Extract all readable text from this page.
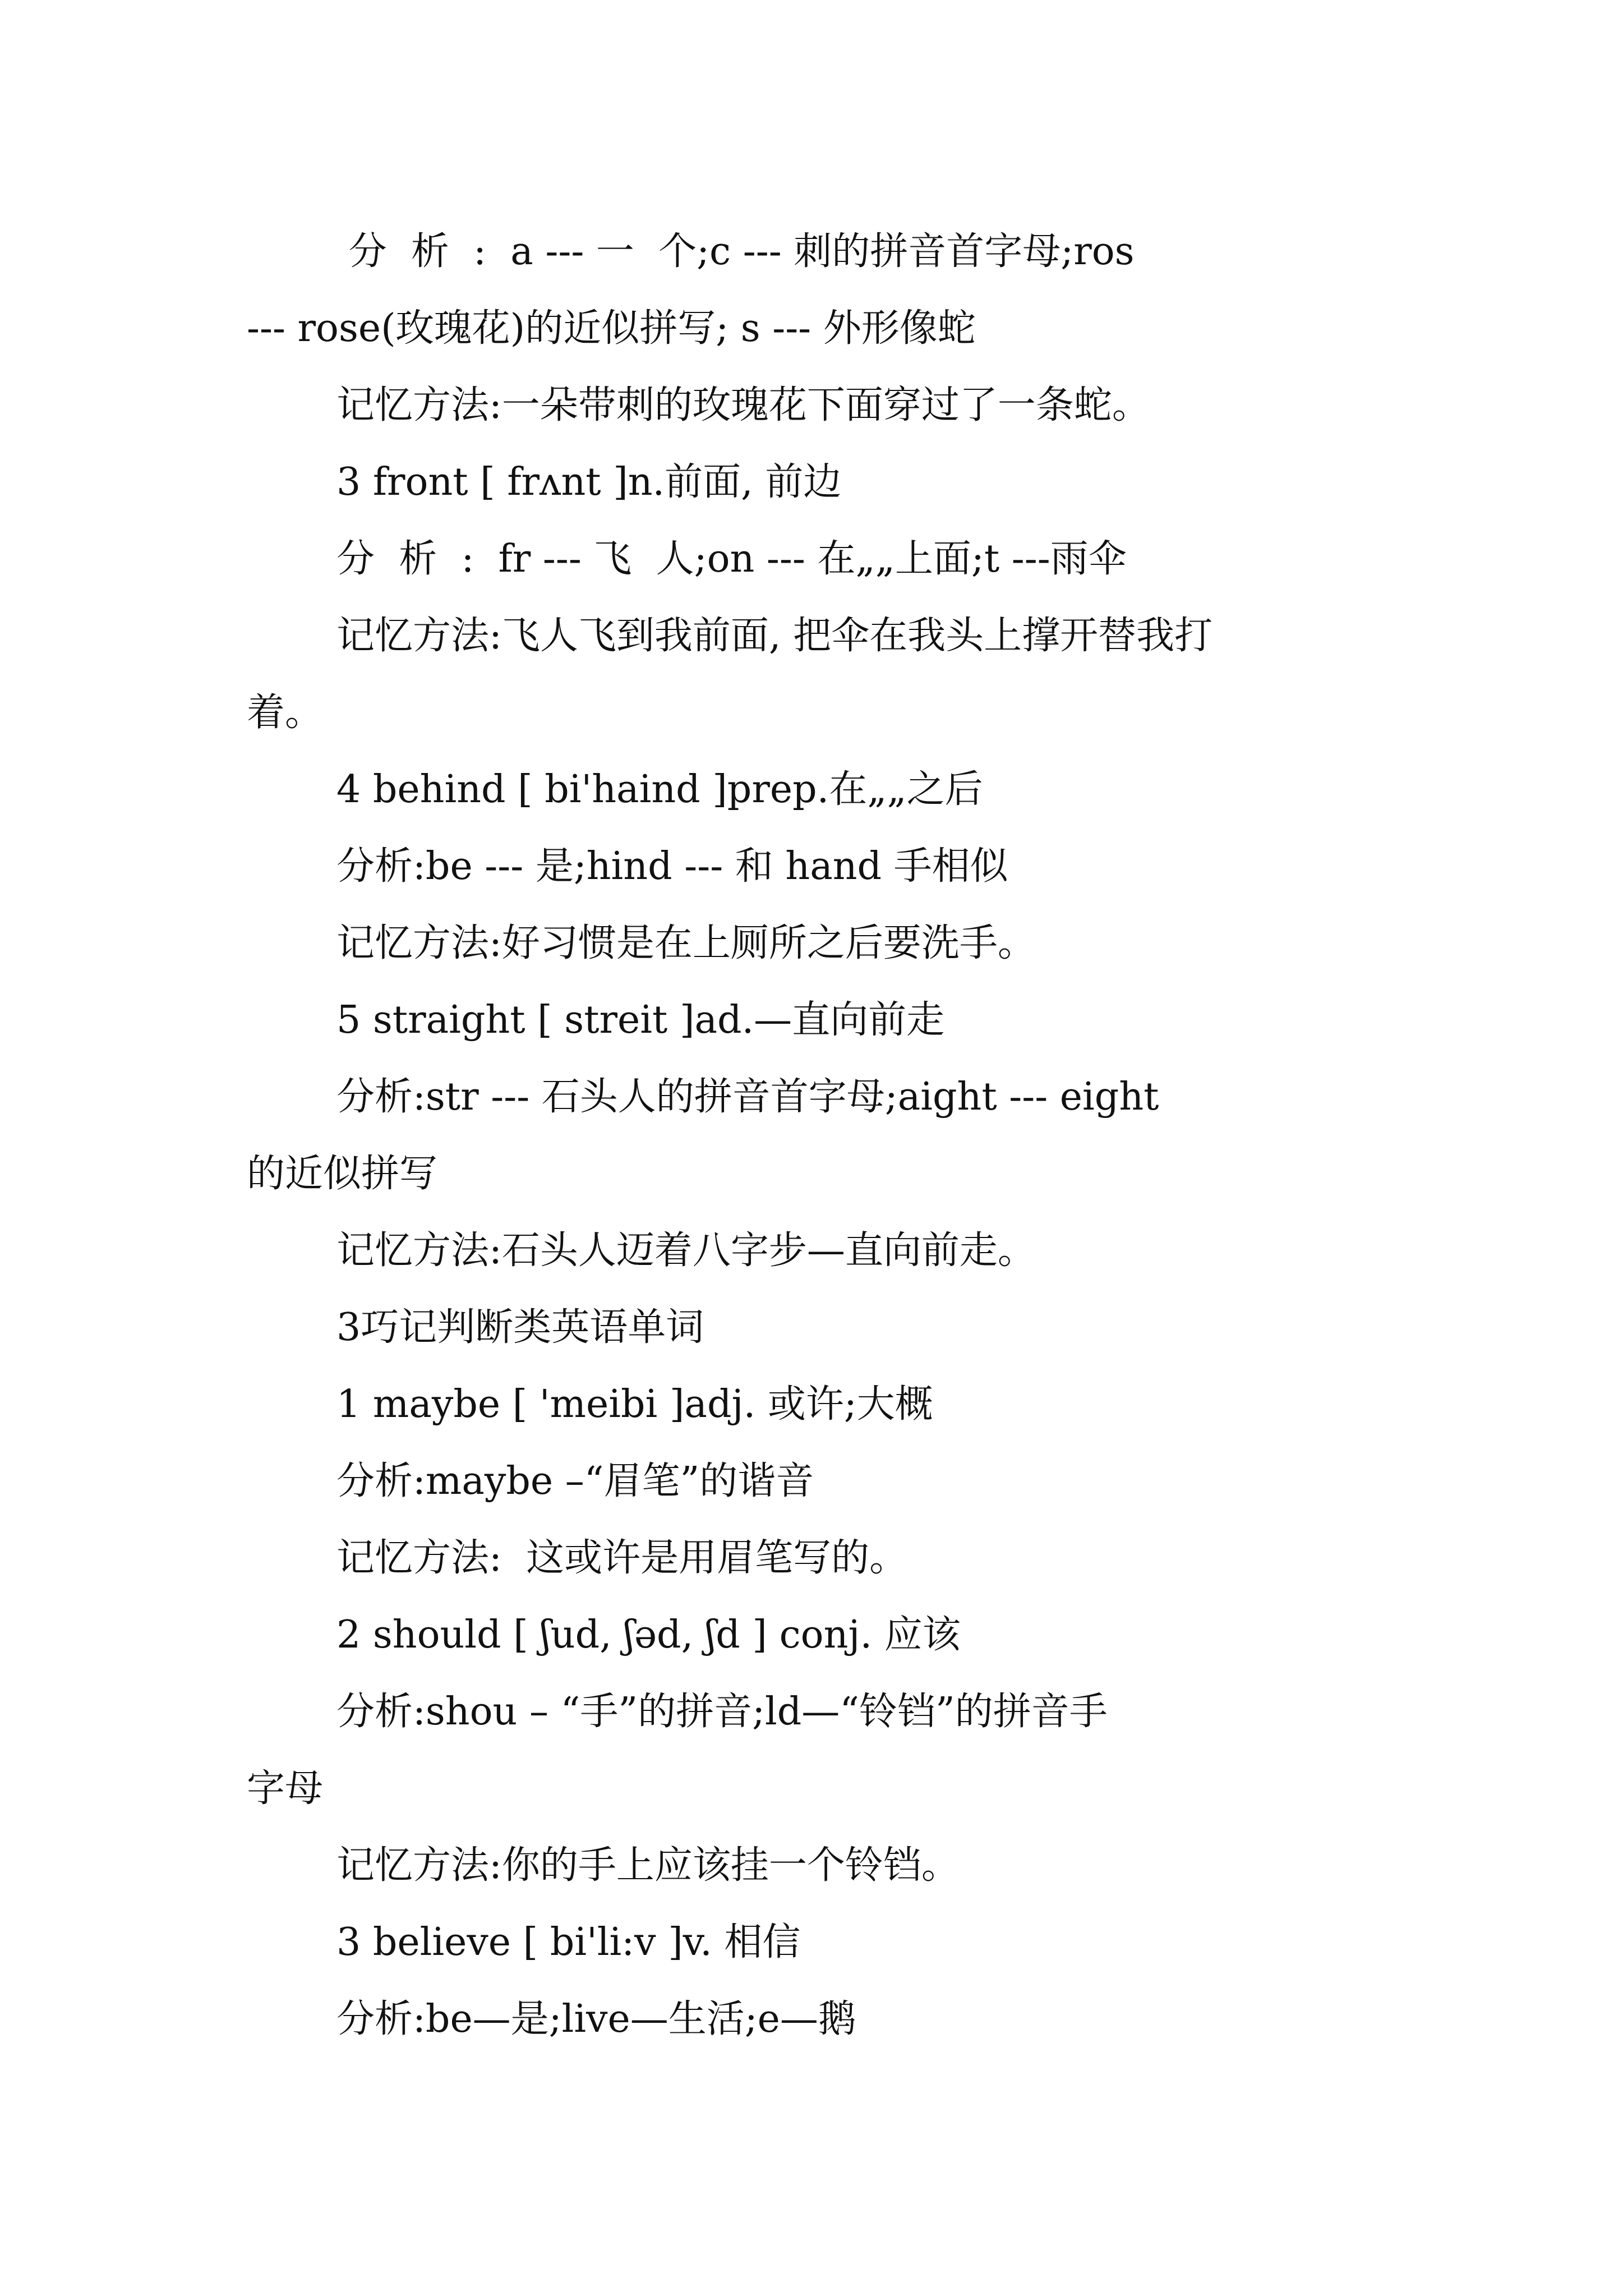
分  析  :  a --- 一  个;c --- 刺的拼音首字母;ros

--- rose(玫瑰花)的近似拼写; s --- 外形像蛇

记忆方法:一朵带刺的玫瑰花下面穿过了一条蛇。

3 front [ frʌnt ]n.前面, 前边

分  析  :  fr --- 飞  人;on --- 在„„上面;t ---雨伞

记忆方法:飞人飞到我前面, 把伞在我头上撑开替我打

着。

4 behind [ bi'haind ]prep.在„„之后

分析:be --- 是;hind --- 和 hand 手相似

记忆方法:好习惯是在上厕所之后要洗手。

5 straight [ streit ]ad.—直向前走

分析:str --- 石头人的拼音首字母;aight --- eight

的近似拼写

记忆方法:石头人迈着八字步—直向前走。

3巧记判断类英语单词

1 maybe [ 'meibi ]adj. 或许;大概

分析:maybe –“眉笔”的谐音

记忆方法:  这或许是用眉笔写的。

2 should [ ʃud, ʃəd, ʃd ] conj. 应该

分析:shou – “手”的拼音;ld—“铃铛”的拼音手

字母

记忆方法:你的手上应该挂一个铃铛。

3 believe [ bi'li:v ]v. 相信

分析:be—是;live—生活;e—鹅
